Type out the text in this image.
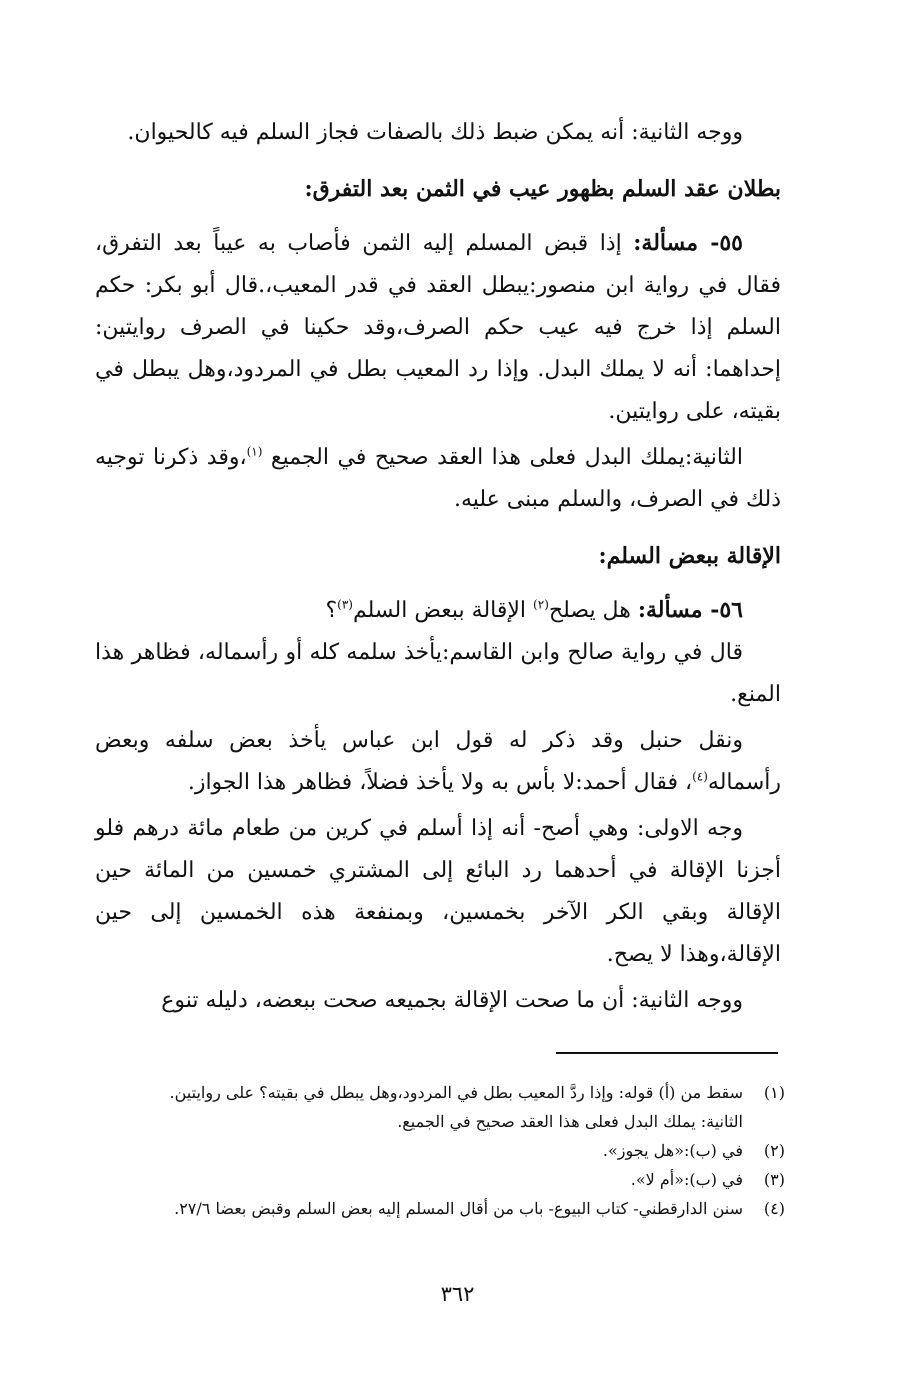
ووجه الثانية: أنه يمكن ضبط ذلك بالصفات فجاز السلم فيه كالحيوان.

بطلان عقد السلم بظهور عيب في الثمن بعد التفرق:

٥٥- مسألة: إذا قبض المسلم إليه الثمن فأصاب به عيباً بعد التفرق، فقال في رواية ابن منصور:يبطل العقد في قدر المعيب،.قال أبو بكر: حكم السلم إذا خرج فيه عيب حكم الصرف،وقد حكينا في الصرف روايتين: إحداهما: أنه لا يملك البدل. وإذا رد المعيب بطل في المردود،وهل يبطل في بقيته، على روايتين.

الثانية:يملك البدل فعلى هذا العقد صحيح في الجميع $^{(١)}$،وقد ذكرنا توجيه ذلك في الصرف، والسلم مبنى عليه.

الإقالة ببعض السلم:

٥٦- مسألة: هل يصلح$^{(٢)}$ الإقالة ببعض السلم$^{(٣)}$؟

قال في رواية صالح وابن القاسم:يأخذ سلمه كله أو رأسماله، فظاهر هذا المنع.

ونقل حنبل وقد ذكر له قول ابن عباس يأخذ بعض سلفه وبعض رأسماله$^{(٤)}$، فقال أحمد:لا بأس به ولا يأخذ فضلاً، فظاهر هذا الجواز.

وجه الاولى: وهي أصح- أنه إذا أسلم في كرين من طعام مائة درهم فلو أجزنا الإقالة في أحدهما رد البائع إلى المشتري خمسين من المائة حين الإقالة وبقي الكر الآخر بخمسين، وبمنفعة هذه الخمسين إلى حين الإقالة،وهذا لا يصح.

ووجه الثانية: أن ما صحت الإقالة بجميعه صحت ببعضه، دليله تنوع

(١)
سقط من (أ) قوله: وإذا ردَّ المعيب بطل في المردود،وهل يبطل في بقيته؟ على روايتين.
الثانية: يملك البدل فعلى هذا العقد صحيح في الجميع.
(٢)
في (ب):«هل يجوز».
(٣)
في (ب):«أم لا».
(٤)
سنن الدارقطني- كتاب البيوع- باب من أقال المسلم إليه بعض السلم وقبض بعضا ٢٧/٦.
٣٦٢
